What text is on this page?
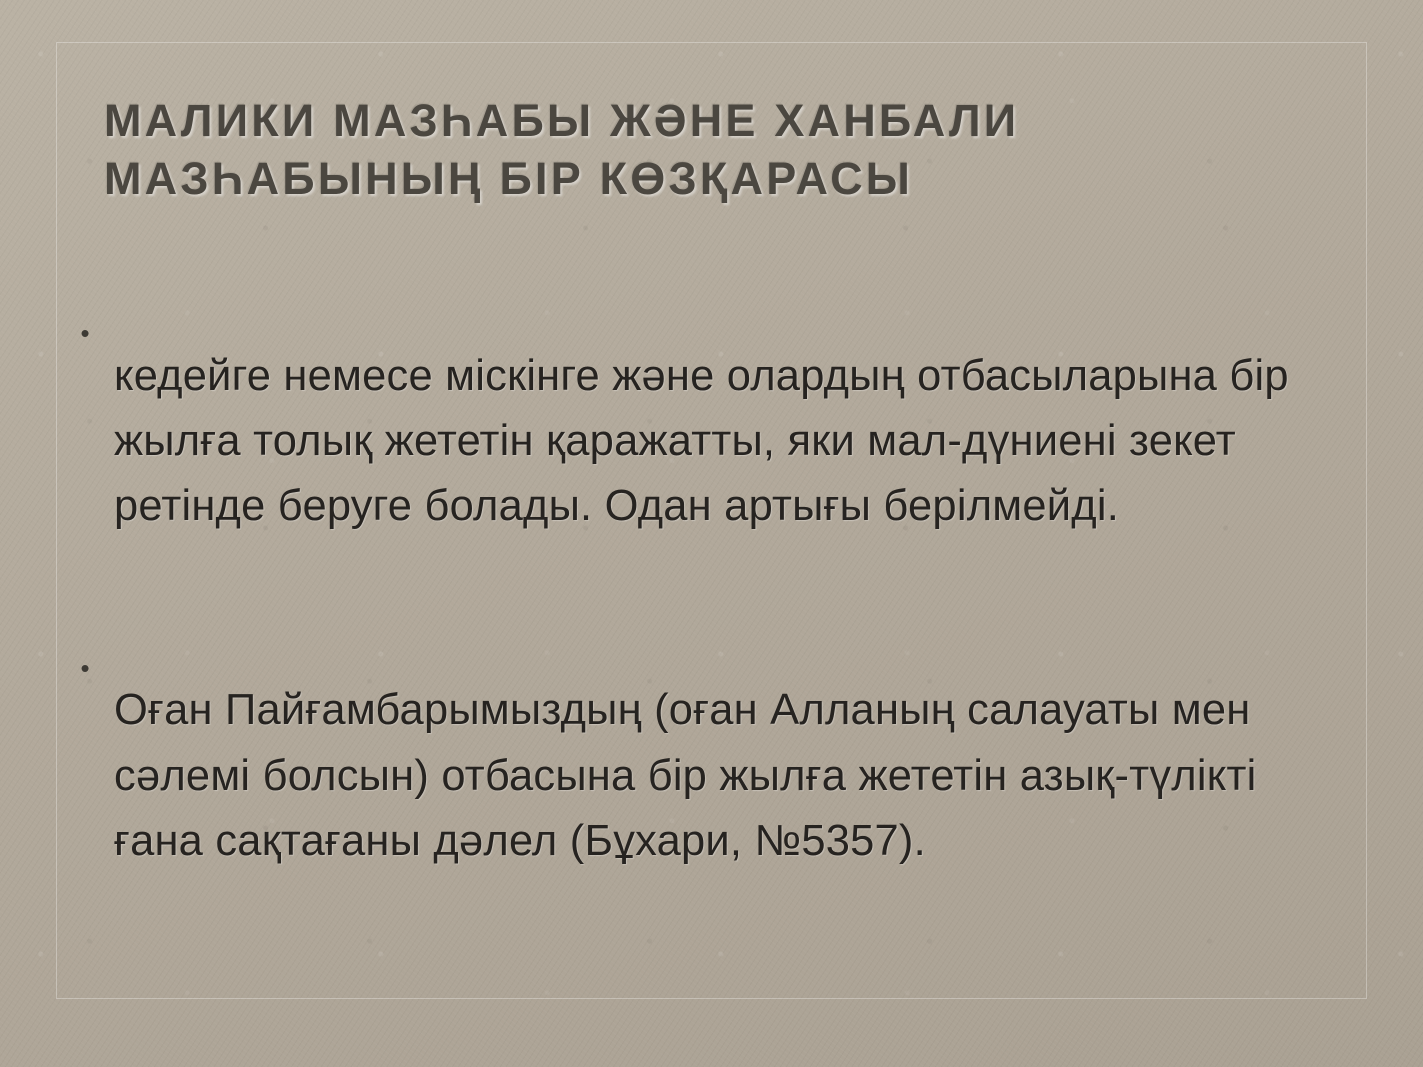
МАЛИКИ МАЗҺАБЫ ЖӘНЕ ХАНБАЛИ МАЗҺАБЫНЫҢ БІР КӨЗҚАРАСЫ
•

кедейге немесе міскінге және олардың отбасыларына бір жылға толық жететін қаражатты, яки мал-дүниені зекет ретінде беруге болады. Одан артығы берілмейді.

•

Оған Пайғамбарымыздың (оған Алланың салауаты мен сәлемі болсын) отбасына бір жылға жететін азық-түлікті ғана сақтағаны дәлел (Бұхари, №5357).
